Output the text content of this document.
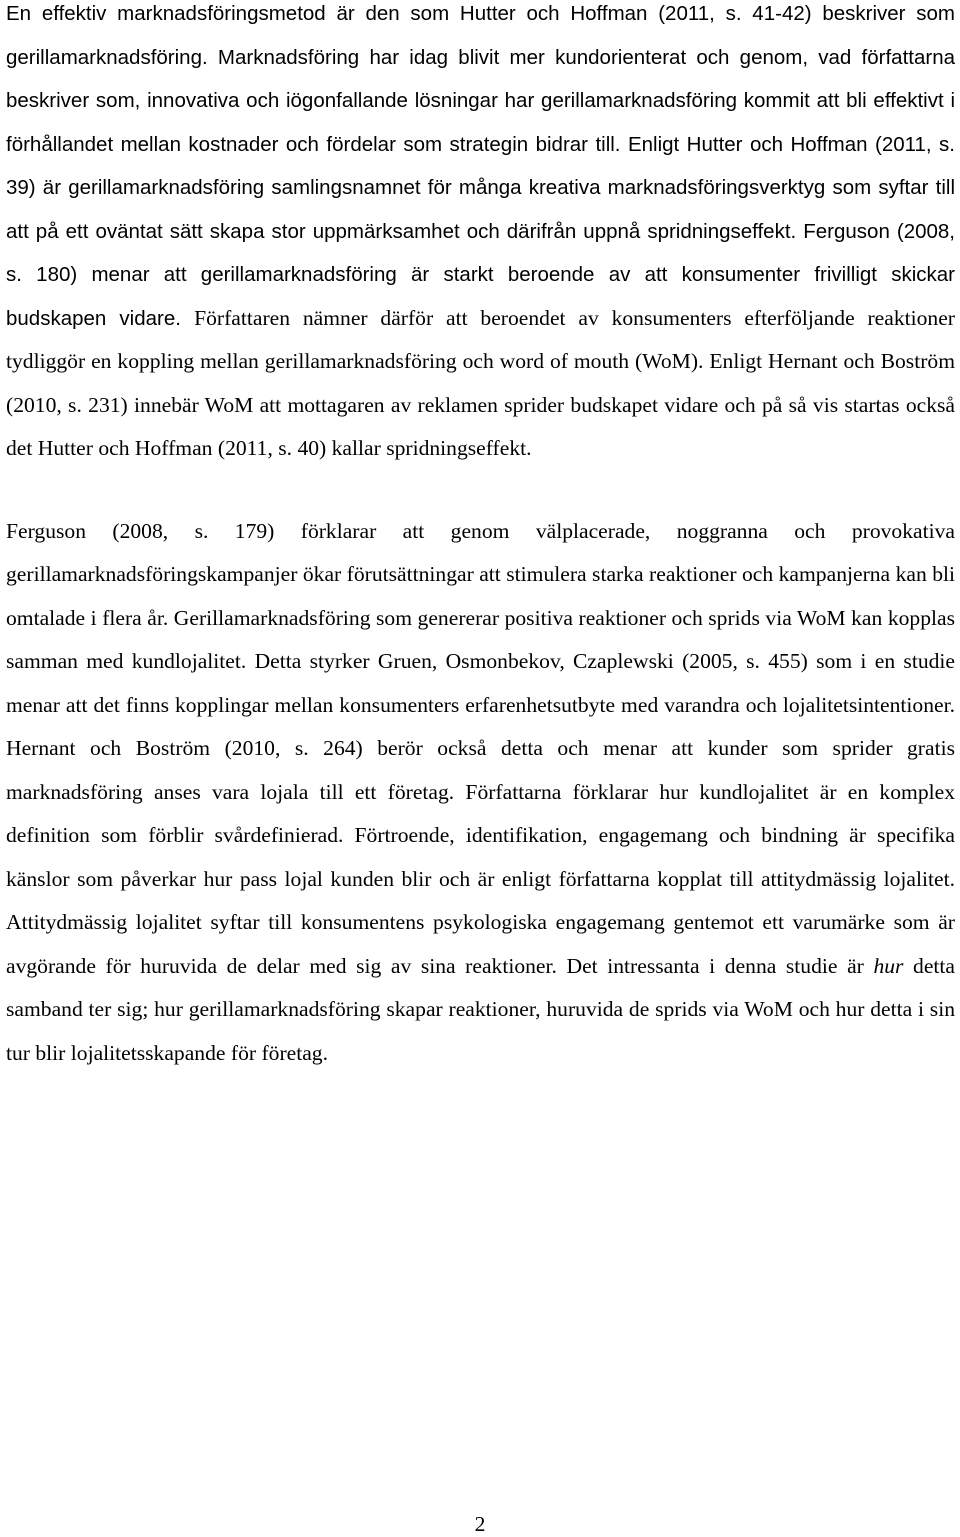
En effektiv marknadsföringsmetod är den som Hutter och Hoffman (2011, s. 41-42) beskriver som gerillamarknadsföring. Marknadsföring har idag blivit mer kundorienterat och genom, vad författarna beskriver som, innovativa och iögonfallande lösningar har gerillamarknadsföring kommit att bli effektivt i förhållandet mellan kostnader och fördelar som strategin bidrar till. Enligt Hutter och Hoffman (2011, s. 39) är gerillamarknadsföring samlingsnamnet för många kreativa marknadsföringsverktyg som syftar till att på ett oväntat sätt skapa stor uppmärksamhet och därifrån uppnå spridningseffekt. Ferguson (2008, s. 180) menar att gerillamarknadsföring är starkt beroende av att konsumenter frivilligt skickar budskapen vidare. Författaren nämner därför att beroendet av konsumenters efterföljande reaktioner tydliggör en koppling mellan gerillamarknadsföring och word of mouth (WoM). Enligt Hernant och Boström (2010, s. 231) innebär WoM att mottagaren av reklamen sprider budskapet vidare och på så vis startas också det Hutter och Hoffman (2011, s. 40) kallar spridningseffekt.

Ferguson (2008, s. 179) förklarar att genom välplacerade, noggranna och provokativa gerillamarknadsföringskampanjer ökar förutsättningar att stimulera starka reaktioner och kampanjerna kan bli omtalade i flera år. Gerillamarknadsföring som genererar positiva reaktioner och sprids via WoM kan kopplas samman med kundlojalitet. Detta styrker Gruen, Osmonbekov, Czaplewski (2005, s. 455) som i en studie menar att det finns kopplingar mellan konsumenters erfarenhetsutbyte med varandra och lojalitetsintentioner. Hernant och Boström (2010, s. 264) berör också detta och menar att kunder som sprider gratis marknadsföring anses vara lojala till ett företag. Författarna förklarar hur kundlojalitet är en komplex definition som förblir svårdefinierad. Förtroende, identifikation, engagemang och bindning är specifika känslor som påverkar hur pass lojal kunden blir och är enligt författarna kopplat till attitydmässig lojalitet. Attitydmässig lojalitet syftar till konsumentens psykologiska engagemang gentemot ett varumärke som är avgörande för huruvida de delar med sig av sina reaktioner. Det intressanta i denna studie är hur detta samband ter sig; hur gerillamarknadsföring skapar reaktioner, huruvida de sprids via WoM och hur detta i sin tur blir lojalitetsskapande för företag.

2
